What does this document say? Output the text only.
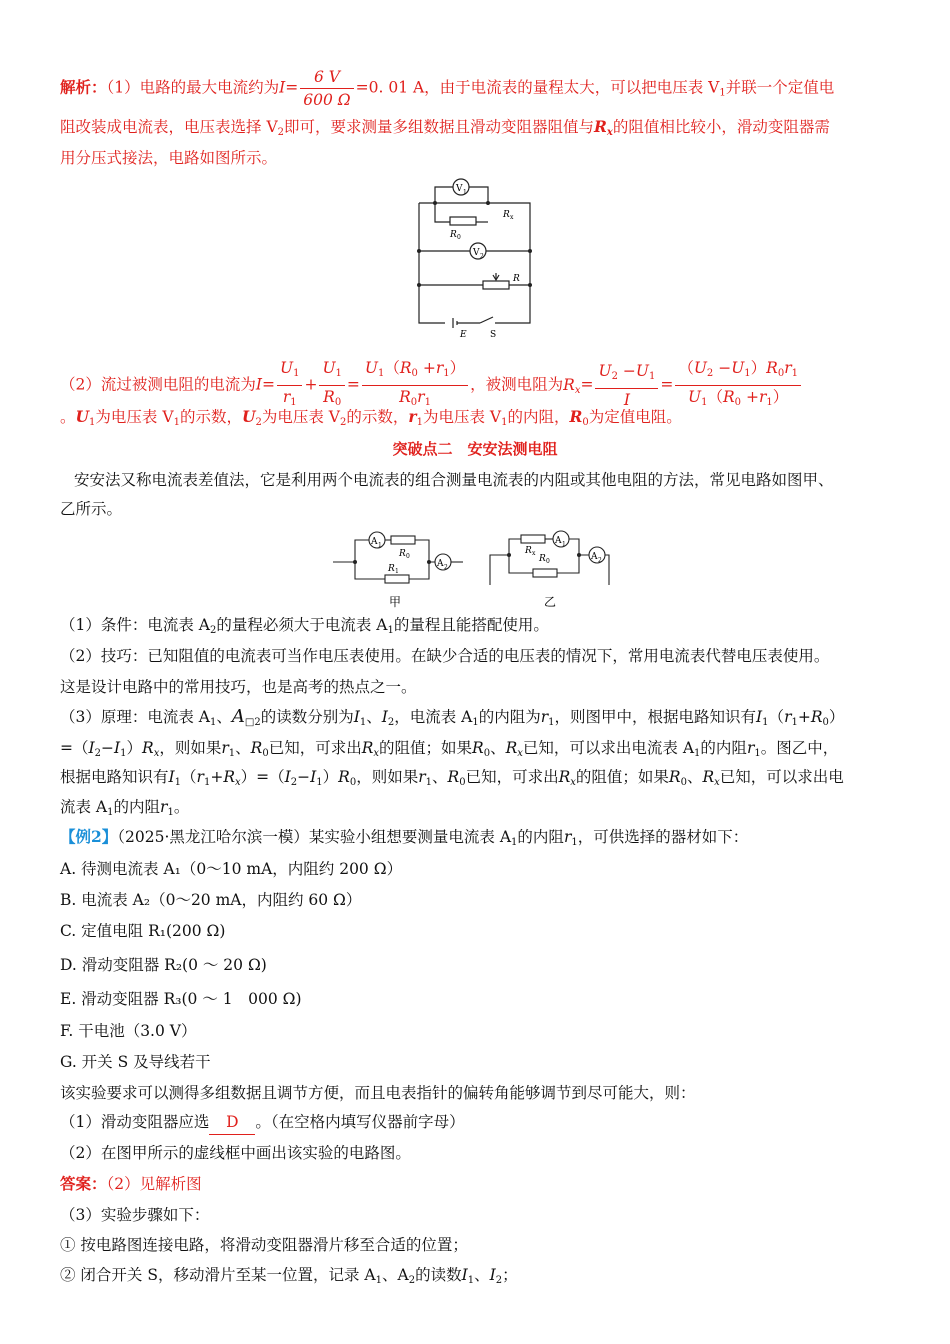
解析：（1）电路的最大电流约为$I= \frac{6 V}{600 \Omega} =0$. 01 A，由于电流表的量程太大，可以把电压表 $V_1$并联一个定值电
阻改装成电流表，电压表选择 $V_2$即可，要求测量多组数据且滑动变阻器阻值与$R_x$的阻值相比较小，滑动变阻器需
用分压式接法，电路如图所示。
V 1
R x
R 0
V 2
R
E	S
（2）流过被测电阻的电流为$I= \frac{U_1}{r_1} + \frac{U_1}{R_0} = \frac{U_1(R_0 +r_1)}{R_0r_1}$ ，被测电阻为$R_x= \frac{U_2 -U_1}{I} = \frac{(U_2 -U_1)R_0r_1}{U_1(R_0 +r_1)}$
。$U_1$为电压表 $V_1$的示数，$U_2$为电压表 $V_2$的示数，$r_1$为电压表 $V_1$的内阻，$R_0$为定值电阻。
突破点二　安安法测电阻
安安法又称电流表差值法，它是利用两个电流表的组合测量电流表的内阻或其他电阻的方法，常见电路如图甲、
乙所示。
A 1
R 0
R 1
A 2
甲
R x
R 0
A 1
A 2
乙
（1）条件：电流表 $A_2$的量程必须大于电流表 $A_1$的量程且能搭配使用。
（2）技巧：已知阻值的电流表可当作电压表使用。在缺少合适的电压表的情况下，常用电流表代替电压表使用。
这是设计电路中的常用技巧，也是高考的热点之一。
（3）原理：电流表 $A_1$、$A_{□2}$的读数分别为$I_1$、$I_2$，电流表 $A_1$的内阻为$r_1$，则图甲中，根据电路知识有$I_1(r_1+R_0)$
$=(I_2-I_1)R_x$，则如果$r_1$、$R_0$已知，可求出$R_x$的阻值；如果$R_0$、$R_x$已知，可以求出电流表 $A_1$的内阻$r_1$。图乙中，
根据电路知识有$I_1(r_1+R_x)=(I_2-I_1)R_0$，则如果$r_1$、$R_0$已知，可求出$R_x$的阻值；如果$R_0$、$R_x$已知，可以求出电
流表 $A_1$的内阻$r_1$。
【例2】（2025·黑龙江哈尔滨一模）某实验小组想要测量电流表 $A_1$的内阻$r_1$，可供选择的器材如下：
A. 待测电流表 A₁（0～10 mA，内阻约 200 Ω）
B. 电流表 A₂（0～20 mA，内阻约 60 Ω）
C. 定值电阻 R₁(200 Ω)
D. 滑动变阻器 R₂(0 ～ 20 Ω)
E. 滑动变阻器 R₃(0 ～ 1　000 Ω)
F. 干电池（3.0 V）
G. 开关 S 及导线若干
该实验要求可以测得多组数据且调节方便，而且电表指针的偏转角能够调节到尽可能大，则：
（1）滑动变阻器应选 D 。（在空格内填写仪器前字母）
（2）在图甲所示的虚线框中画出该实验的电路图。
答案：（2）见解析图
（3）实验步骤如下：
① 按电路图连接电路，将滑动变阻器滑片移至合适的位置；
② 闭合开关 S，移动滑片至某一位置，记录 $A_1$、$A_2$的读数$I_1$、$I_2$；
